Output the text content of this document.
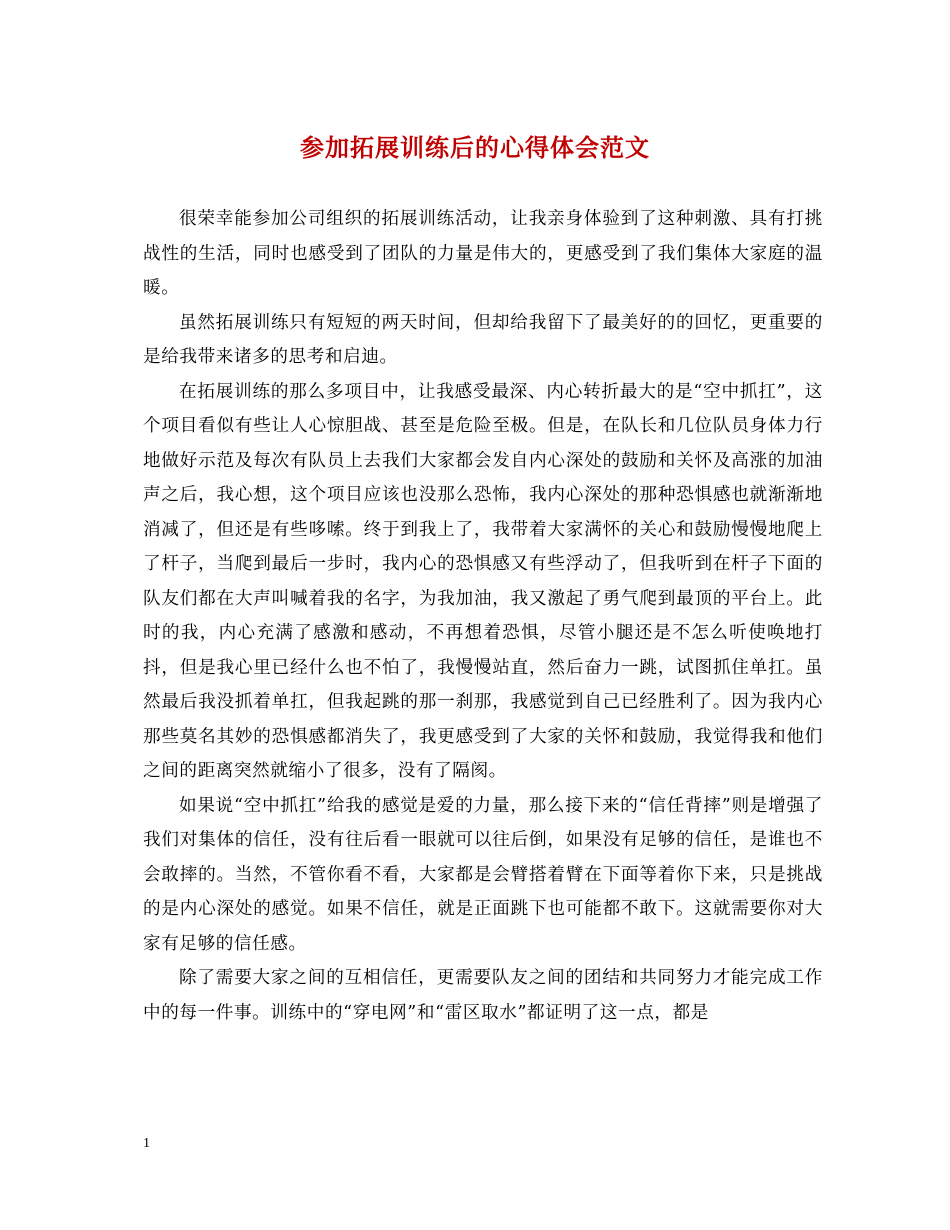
参加拓展训练后的心得体会范文

很荣幸能参加公司组织的拓展训练活动，让我亲身体验到了这种刺激、具有打挑战性的生活，同时也感受到了团队的力量是伟大的，更感受到了我们集体大家庭的温暖。

虽然拓展训练只有短短的两天时间，但却给我留下了最美好的的回忆，更重要的是给我带来诸多的思考和启迪。

在拓展训练的那么多项目中，让我感受最深、内心转折最大的是“空中抓扛”，这个项目看似有些让人心惊胆战、甚至是危险至极。但是，在队长和几位队员身体力行地做好示范及每次有队员上去我们大家都会发自内心深处的鼓励和关怀及高涨的加油声之后，我心想，这个项目应该也没那么恐怖，我内心深处的那种恐惧感也就渐渐地消减了，但还是有些哆嗦。终于到我上了，我带着大家满怀的关心和鼓励慢慢地爬上了杆子，当爬到最后一步时，我内心的恐惧感又有些浮动了，但我听到在杆子下面的队友们都在大声叫喊着我的名字，为我加油，我又激起了勇气爬到最顶的平台上。此时的我，内心充满了感激和感动，不再想着恐惧，尽管小腿还是不怎么听使唤地打抖，但是我心里已经什么也不怕了，我慢慢站直，然后奋力一跳，试图抓住单扛。虽然最后我没抓着单扛，但我起跳的那一刹那，我感觉到自己已经胜利了。因为我内心那些莫名其妙的恐惧感都消失了，我更感受到了大家的关怀和鼓励，我觉得我和他们之间的距离突然就缩小了很多，没有了隔阂。

如果说“空中抓扛”给我的感觉是爱的力量，那么接下来的“信任背摔”则是增强了我们对集体的信任，没有往后看一眼就可以往后倒，如果没有足够的信任，是谁也不会敢摔的。当然，不管你看不看，大家都是会臂搭着臂在下面等着你下来，只是挑战的是内心深处的感觉。如果不信任，就是正面跳下也可能都不敢下。这就需要你对大家有足够的信任感。

除了需要大家之间的互相信任，更需要队友之间的团结和共同努力才能完成工作中的每一件事。训练中的“穿电网”和“雷区取水”都证明了这一点，都是

1
